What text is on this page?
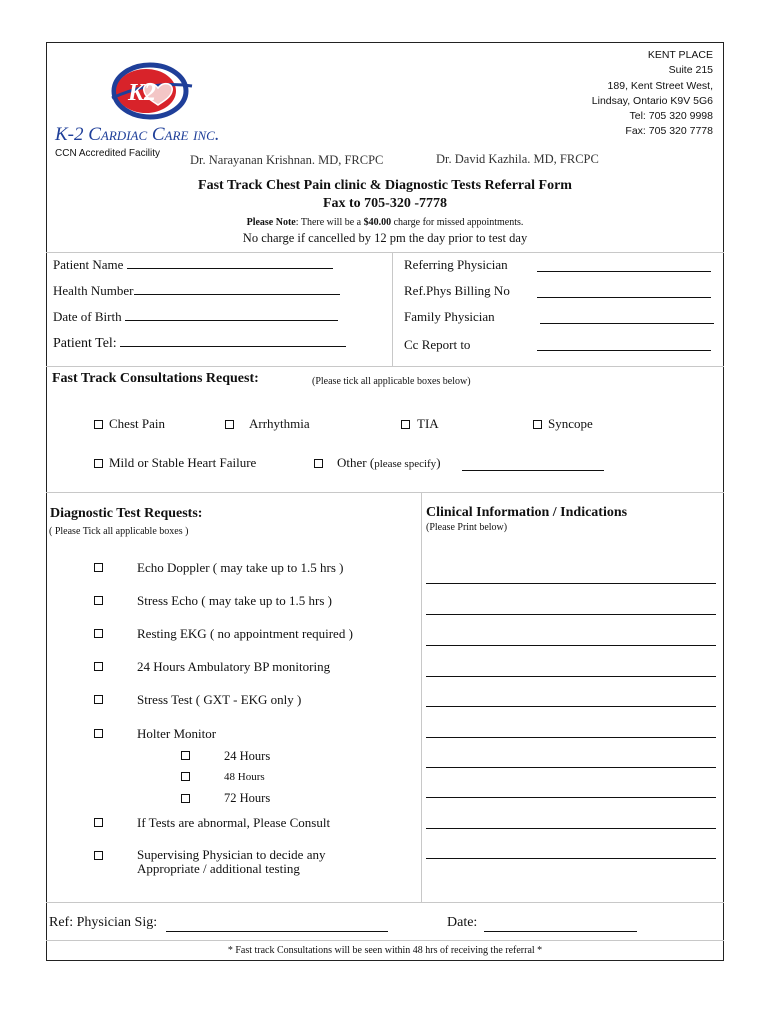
K2
K-2 Cardiac Care inc.
CCN Accredited Facility
KENT PLACE
Suite 215
189, Kent Street West,
Lindsay, Ontario K9V 5G6
Tel: 705 320 9998
Fax: 705 320 7778
Dr. Narayanan Krishnan. MD, FRCPC	Dr. David Kazhila. MD, FRCPC
Fast Track Chest Pain clinic & Diagnostic Tests Referral Form
Fax to 705-320 -7778
Please Note: There will be a $40.00 charge for missed appointments.
No charge if cancelled by 12 pm the day prior to test day
Patient Name
Health Number
Date of Birth
Patient Tel:
Referring Physician
Ref.Phys Billing No
Family Physician
Cc Report to
Fast Track Consultations Request:	(Please tick all applicable boxes below)
Chest Pain	Arrhythmia	TIA	Syncope
Mild or Stable Heart Failure	Other (please specify)
Diagnostic Test Requests:
( Please Tick all applicable boxes )
Echo Doppler ( may take up to 1.5 hrs )
Stress Echo ( may take up to 1.5 hrs )
Resting EKG ( no appointment required )
24 Hours Ambulatory BP monitoring
Stress Test ( GXT - EKG only )
Holter Monitor
24 Hours
48 Hours
72 Hours
If Tests are abnormal, Please Consult
Supervising Physician to decide any
Appropriate / additional testing
Clinical Information / Indications
(Please Print below)
Ref: Physician Sig:	Date:
* Fast track Consultations will be seen within 48 hrs of receiving the referral *
